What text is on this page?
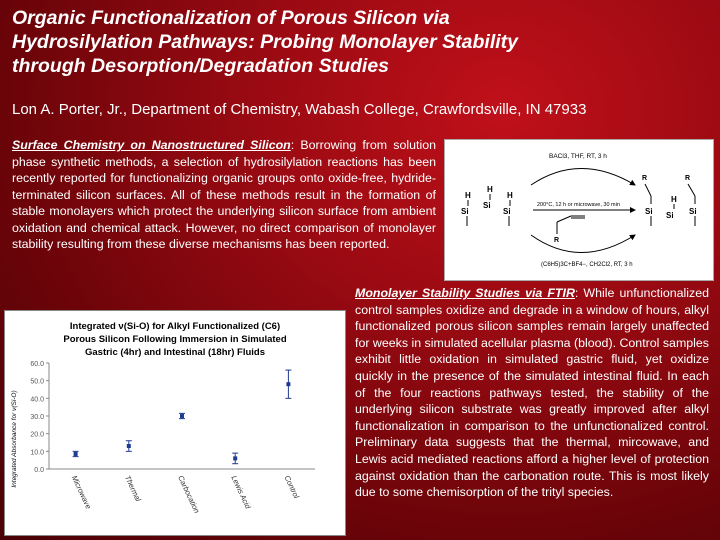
Organic Functionalization of Porous Silicon via
Hydrosilylation Pathways: Probing Monolayer Stability
through Desorption/Degradation Studies
Lon A. Porter, Jr., Department of Chemistry, Wabash College, Crawfordsville, IN 47933
Surface Chemistry on Nanostructured Silicon: Borrowing from solution phase synthetic methods, a selection of hydrosilylation reactions has been recently reported for functionalizing organic groups onto oxide-free, hydride-terminated silicon surfaces. All of these methods result in the formation of stable monolayers which protect the underlying silicon surface from ambient oxidation and chemical attack. However, no direct comparison of monolayer stability resulting from these diverse mechanisms has been reported.
BACl3, THF, RT, 3 h
200°C, 12 h or microwave, 30 min
(C6H5)3C+BF4−, CH2Cl2, RT, 3 h
H
H
H
Si
Si
Si
R
R	R
H
Si Si Si
Monolayer Stability Studies via FTIR: While unfunctionalized control samples oxidize and degrade in a window of hours, alkyl functionalized porous silicon samples remain largely unaffected for weeks in simulated acellular plasma (blood). Control samples exhibit little oxidation in simulated gastric fluid, yet oxidize quickly in the presence of the simulated intestinal fluid. In each of the four reactions pathways tested, the stability of the underlying silicon substrate was greatly improved after alkyl functionalization in comparison to the unfunctionalized control. Preliminary data suggests that the thermal, mircowave, and Lewis acid mediated reactions afford a higher level of protection against oxidation than the carbonation route. This is most likely due to some chemisorption of the trityl species.
Integrated ν(Si-O) for Alkyl Functionalized (C6)
Porous Silicon Following Immersion in Simulated
Gastric (4hr) and Intestinal (18hr) Fluids
Integrated Absorbance for ν(Si-O) 0.0
10.0
20.0
30.0
40.0
50.0
60.0
Microwave	Thermal	Carbocation	Lewis Acid	Control
